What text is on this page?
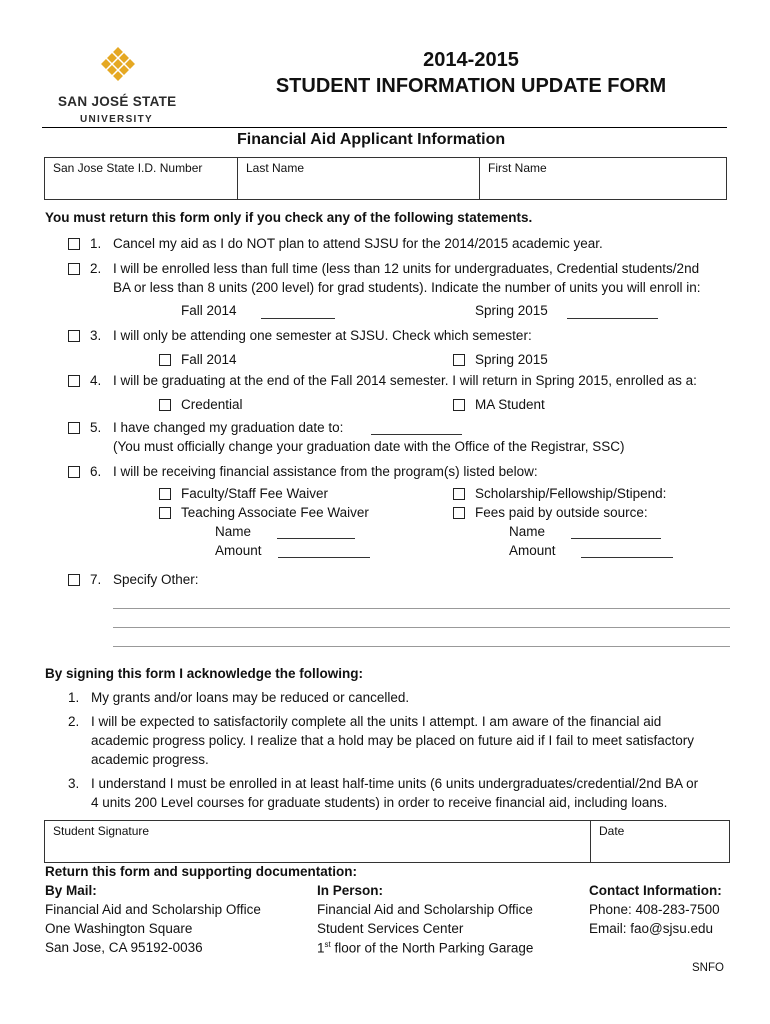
SAN JOSÉ STATE
UNIVERSITY
2014-2015
STUDENT INFORMATION UPDATE FORM
Financial Aid Applicant Information
San Jose State I.D. Number	Last Name	First Name
You must return this form only if you check any of the following statements.
1. Cancel my aid as I do NOT plan to attend SJSU for the 2014/2015 academic year.
2. I will be enrolled less than full time (less than 12 units for undergraduates, Credential students/2nd
BA or less than 8 units (200 level) for grad students). Indicate the number of units you will enroll in:
Fall 2014	Spring 2015
3. I will only be attending one semester at SJSU. Check which semester:
Fall 2014	Spring 2015
4. I will be graduating at the end of the Fall 2014 semester. I will return in Spring 2015, enrolled as a:
Credential	MA Student
5. I have changed my graduation date to:
(You must officially change your graduation date with the Office of the Registrar, SSC)
6. I will be receiving financial assistance from the program(s) listed below:
Faculty/Staff Fee Waiver	Scholarship/Fellowship/Stipend:
Teaching Associate Fee Waiver	Fees paid by outside source:
Name	Name
Amount	Amount
7. Specify Other:
By signing this form I acknowledge the following:
1. My grants and/or loans may be reduced or cancelled.
2. I will be expected to satisfactorily complete all the units I attempt. I am aware of the financial aid
academic progress policy. I realize that a hold may be placed on future aid if I fail to meet satisfactory
academic progress.
3. I understand I must be enrolled in at least half-time units (6 units undergraduates/credential/2nd BA or
4 units 200 Level courses for graduate students) in order to receive financial aid, including loans.
Student Signature	Date
Return this form and supporting documentation:
By Mail:
Financial Aid and Scholarship Office
One Washington Square
San Jose, CA 95192-0036
In Person:
Financial Aid and Scholarship Office
Student Services Center
1st floor of the North Parking Garage
Contact Information:
Phone: 408-283-7500
Email: fao@sjsu.edu
SNFO
